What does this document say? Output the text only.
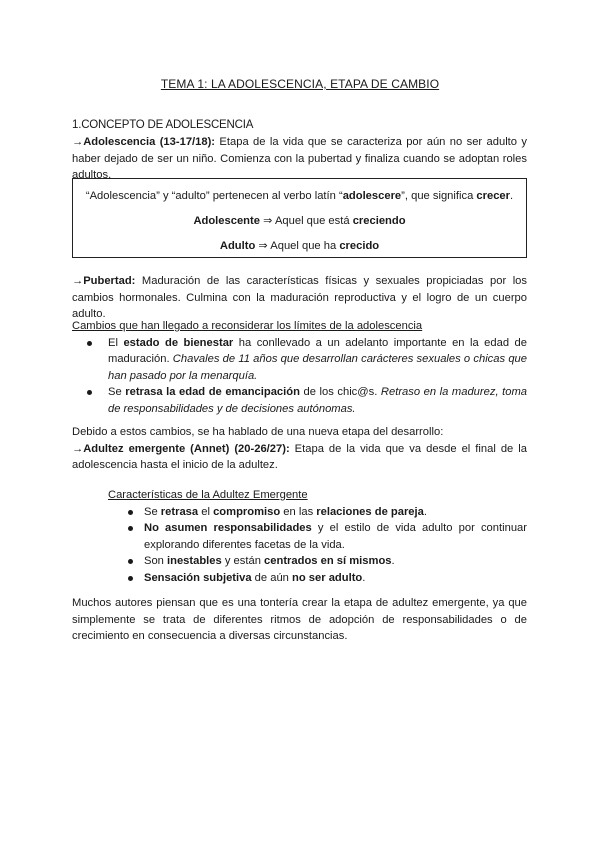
TEMA 1: LA ADOLESCENCIA, ETAPA DE CAMBIO
1.CONCEPTO DE ADOLESCENCIA
→Adolescencia (13-17/18): Etapa de la vida que se caracteriza por aún no ser adulto y haber dejado de ser un niño. Comienza con la pubertad y finaliza cuando se adoptan roles adultos.

“Adolescencia” y “adulto” pertenecen al verbo latín “adolescere”, que significa crecer.

Adolescente ⇒ Aquel que está creciendo

Adulto ⇒ Aquel que ha crecido

→Pubertad: Maduración de las características físicas y sexuales propiciadas por los cambios hormonales. Culmina con la maduración reproductiva y el logro de un cuerpo adulto.
Cambios que han llegado a reconsiderar los límites de la adolescencia
El estado de bienestar ha conllevado a un adelanto importante en la edad de maduración. Chavales de 11 años que desarrollan carácteres sexuales o chicas que han pasado por la menarquía.
Se retrasa la edad de emancipación de los chic@s. Retraso en la madurez, toma de responsabilidades y de decisiones autónomas.
Debido a estos cambios, se ha hablado de una nueva etapa del desarrollo:
→Adultez emergente (Annet) (20-26/27): Etapa de la vida que va desde el final de la adolescencia hasta el inicio de la adultez.
Características de la Adultez Emergente
Se retrasa el compromiso en las relaciones de pareja.
No asumen responsabilidades y el estilo de vida adulto por continuar explorando diferentes facetas de la vida.
Son inestables y están centrados en sí mismos.
Sensación subjetiva de aún no ser adulto.
Muchos autores piensan que es una tontería crear la etapa de adultez emergente, ya que simplemente se trata de diferentes ritmos de adopción de responsabilidades o de crecimiento en consecuencia a diversas circunstancias.
